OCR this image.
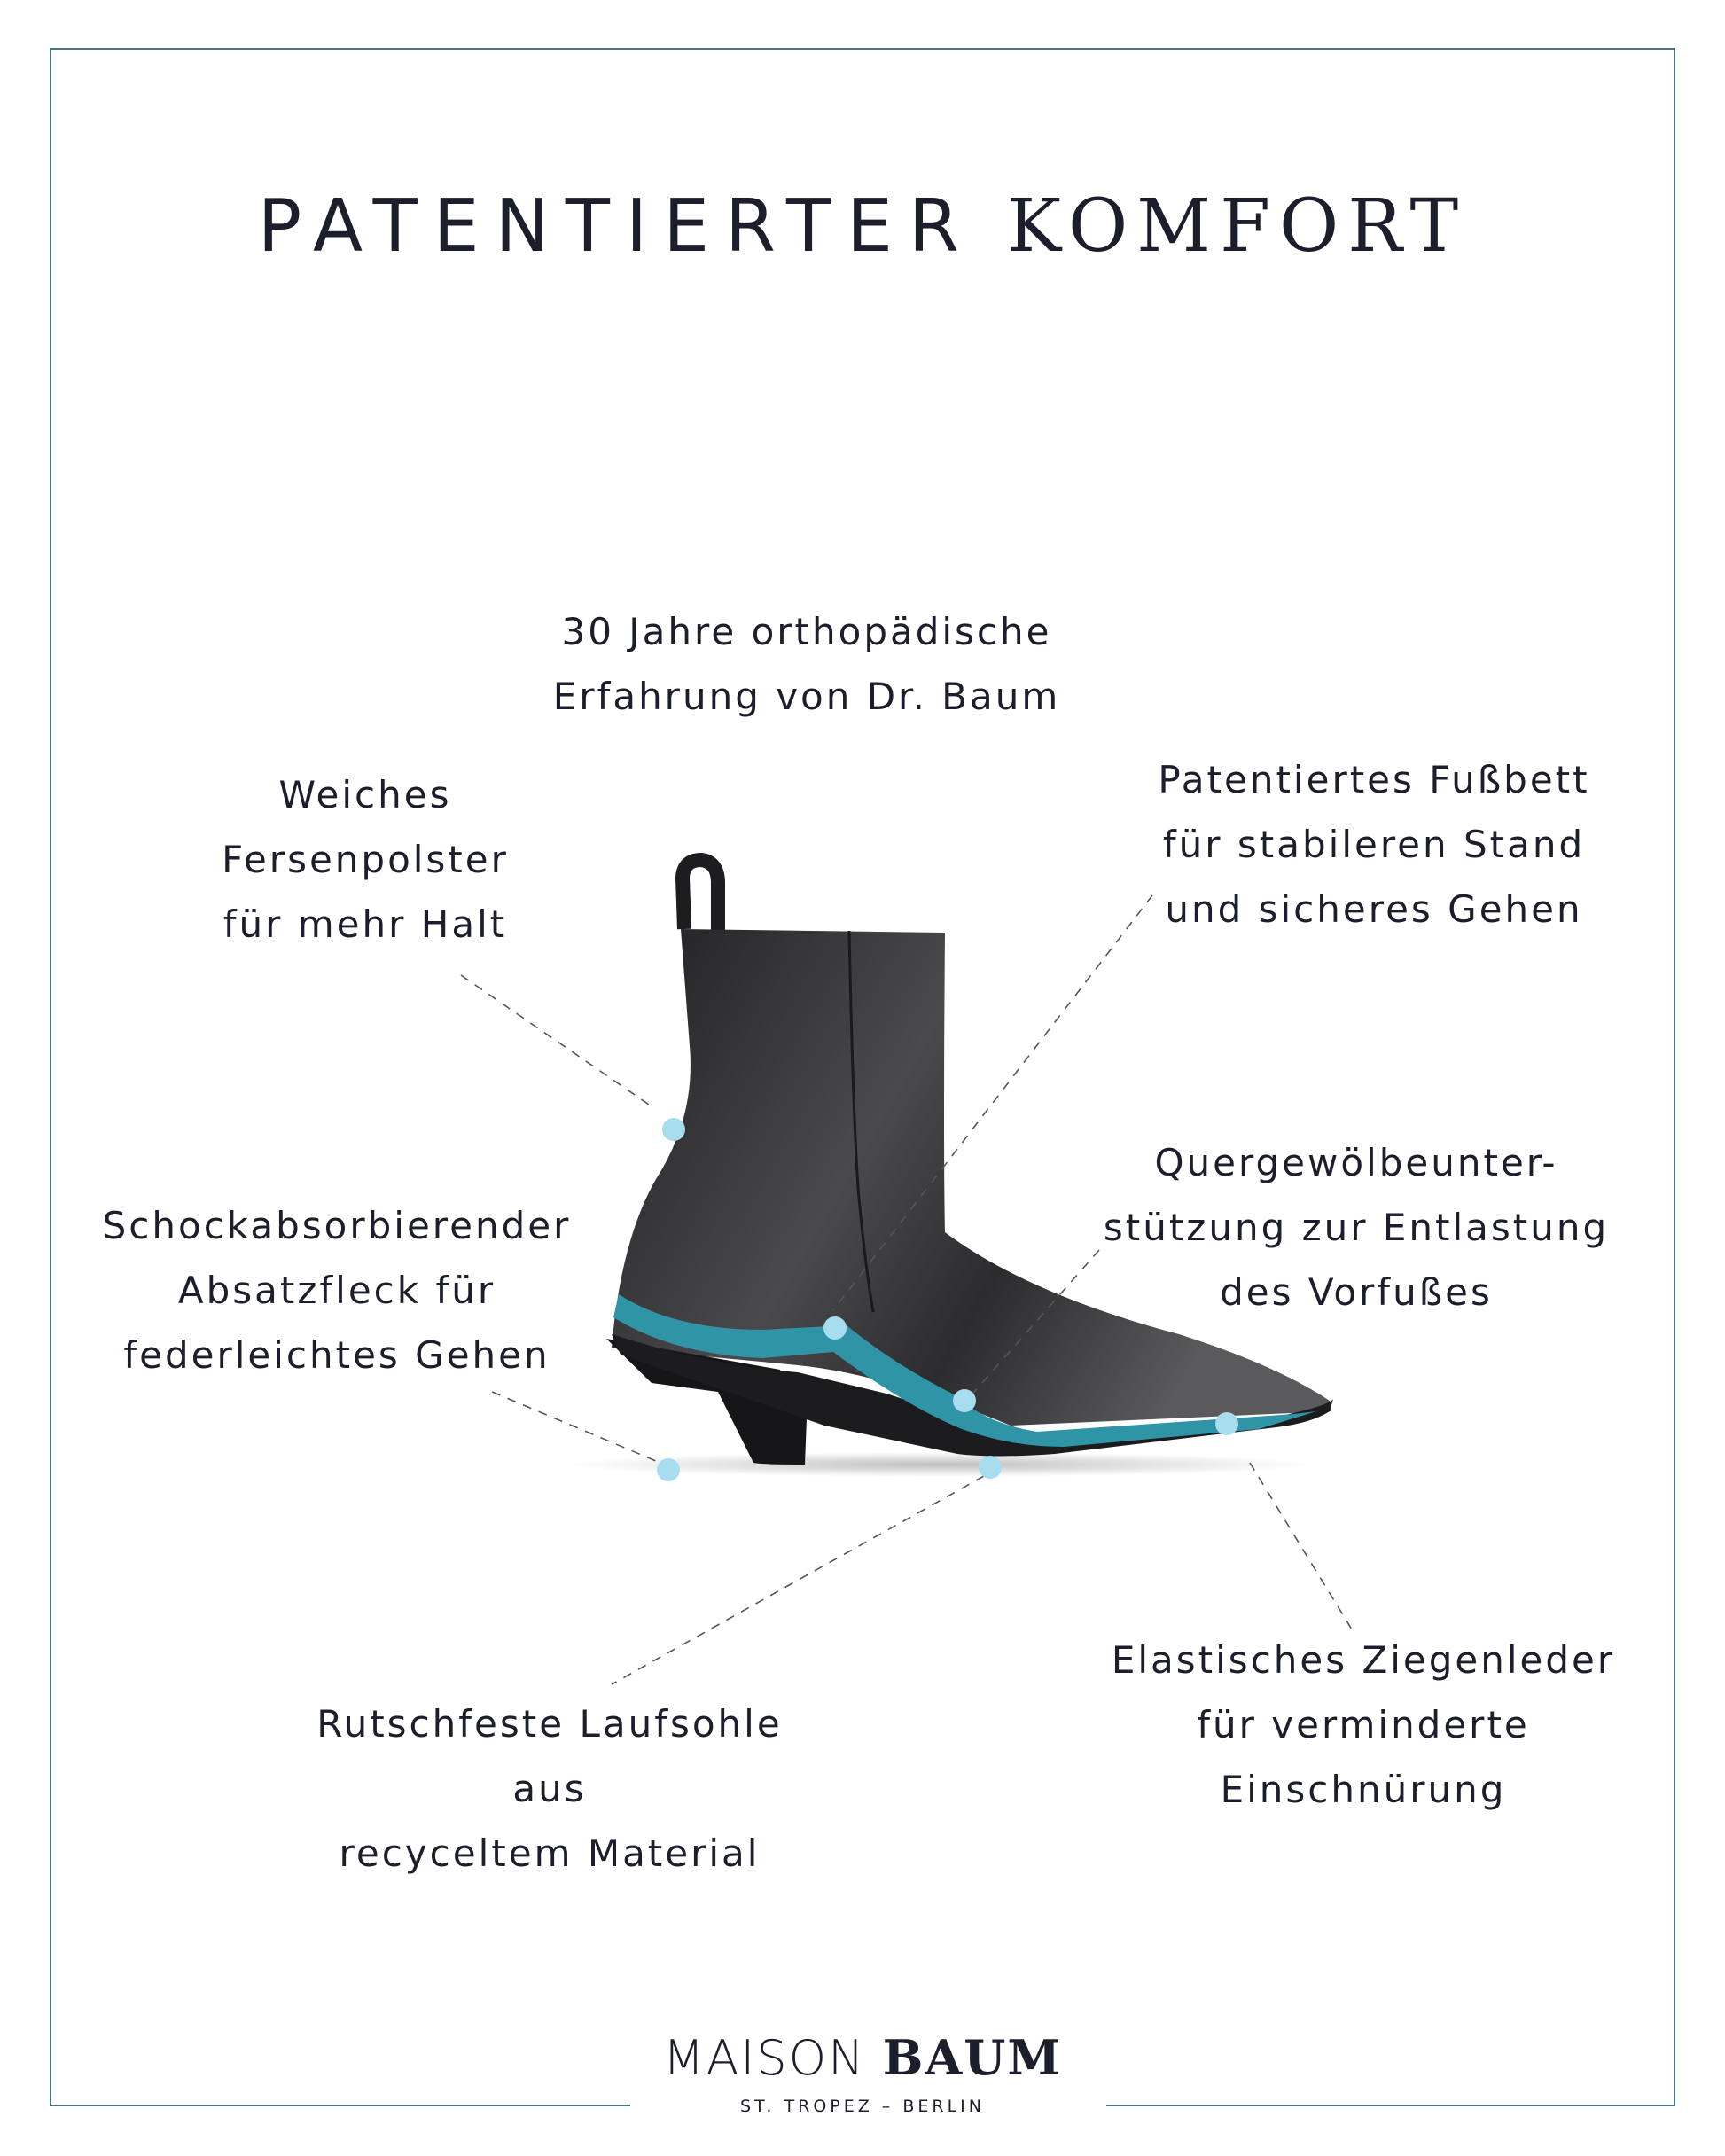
PATENTIERTER KOMFORT
30 Jahre orthopädische
Erfahrung von Dr. Baum
Weiches
Fersenpolster
für mehr Halt
Patentiertes Fußbett
für stabileren Stand
und sicheres Gehen
Quergewölbeunter-
stützung zur Entlastung
des Vorfußes
Schockabsorbierender
Absatzfleck für
federleichtes Gehen
Rutschfeste Laufsohle
aus
recyceltem Material
Elastisches Ziegenleder
für verminderte
Einschnürung
MAISON BAUM
ST. TROPEZ – BERLIN
